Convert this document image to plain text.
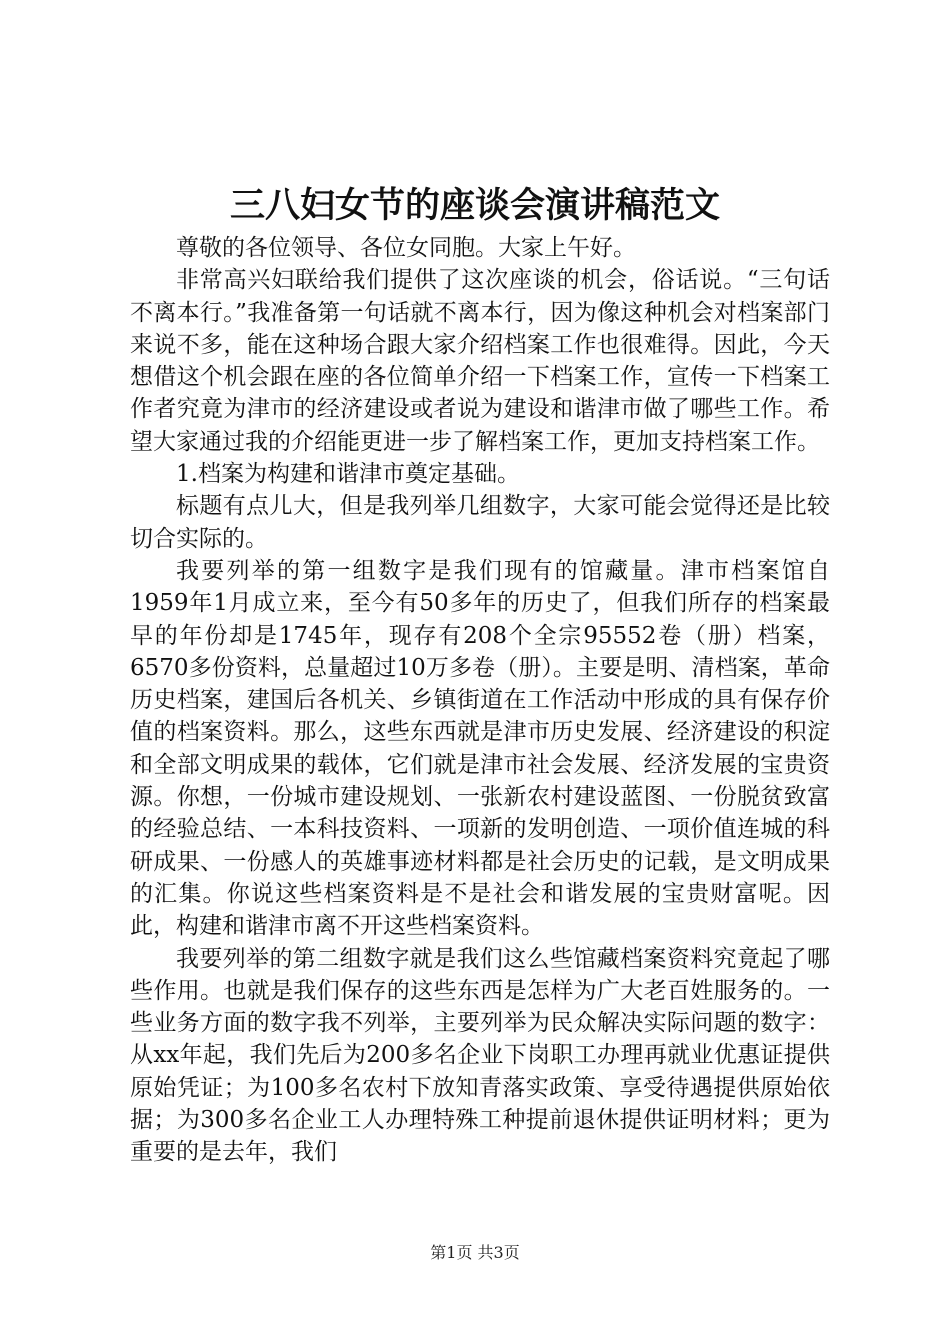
三八妇女节的座谈会演讲稿范文

尊敬的各位领导、各位女同胞。大家上午好。

非常高兴妇联给我们提供了这次座谈的机会，俗话说。“三句话不离本行。”我准备第一句话就不离本行，因为像这种机会对档案部门来说不多，能在这种场合跟大家介绍档案工作也很难得。因此，今天想借这个机会跟在座的各位简单介绍一下档案工作，宣传一下档案工作者究竟为津市的经济建设或者说为建设和谐津市做了哪些工作。希望大家通过我的介绍能更进一步了解档案工作，更加支持档案工作。

1.档案为构建和谐津市奠定基础。

标题有点儿大，但是我列举几组数字，大家可能会觉得还是比较切合实际的。

我要列举的第一组数字是我们现有的馆藏量。津市档案馆自1959年1月成立来，至今有50多年的历史了，但我们所存的档案最早的年份却是1745年，现存有208个全宗95552卷（册）档案，6570多份资料，总量超过10万多卷（册）。主要是明、清档案，革命历史档案，建国后各机关、乡镇街道在工作活动中形成的具有保存价值的档案资料。那么，这些东西就是津市历史发展、经济建设的积淀和全部文明成果的载体，它们就是津市社会发展、经济发展的宝贵资源。你想，一份城市建设规划、一张新农村建设蓝图、一份脱贫致富的经验总结、一本科技资料、一项新的发明创造、一项价值连城的科研成果、一份感人的英雄事迹材料都是社会历史的记载，是文明成果的汇集。你说这些档案资料是不是社会和谐发展的宝贵财富呢。因此，构建和谐津市离不开这些档案资料。

我要列举的第二组数字就是我们这么些馆藏档案资料究竟起了哪些作用。也就是我们保存的这些东西是怎样为广大老百姓服务的。一些业务方面的数字我不列举，主要列举为民众解决实际问题的数字：从xx年起，我们先后为200多名企业下岗职工办理再就业优惠证提供原始凭证；为100多名农村下放知青落实政策、享受待遇提供原始依据；为300多名企业工人办理特殊工种提前退休提供证明材料；更为重要的是去年，我们

第1页 共3页
